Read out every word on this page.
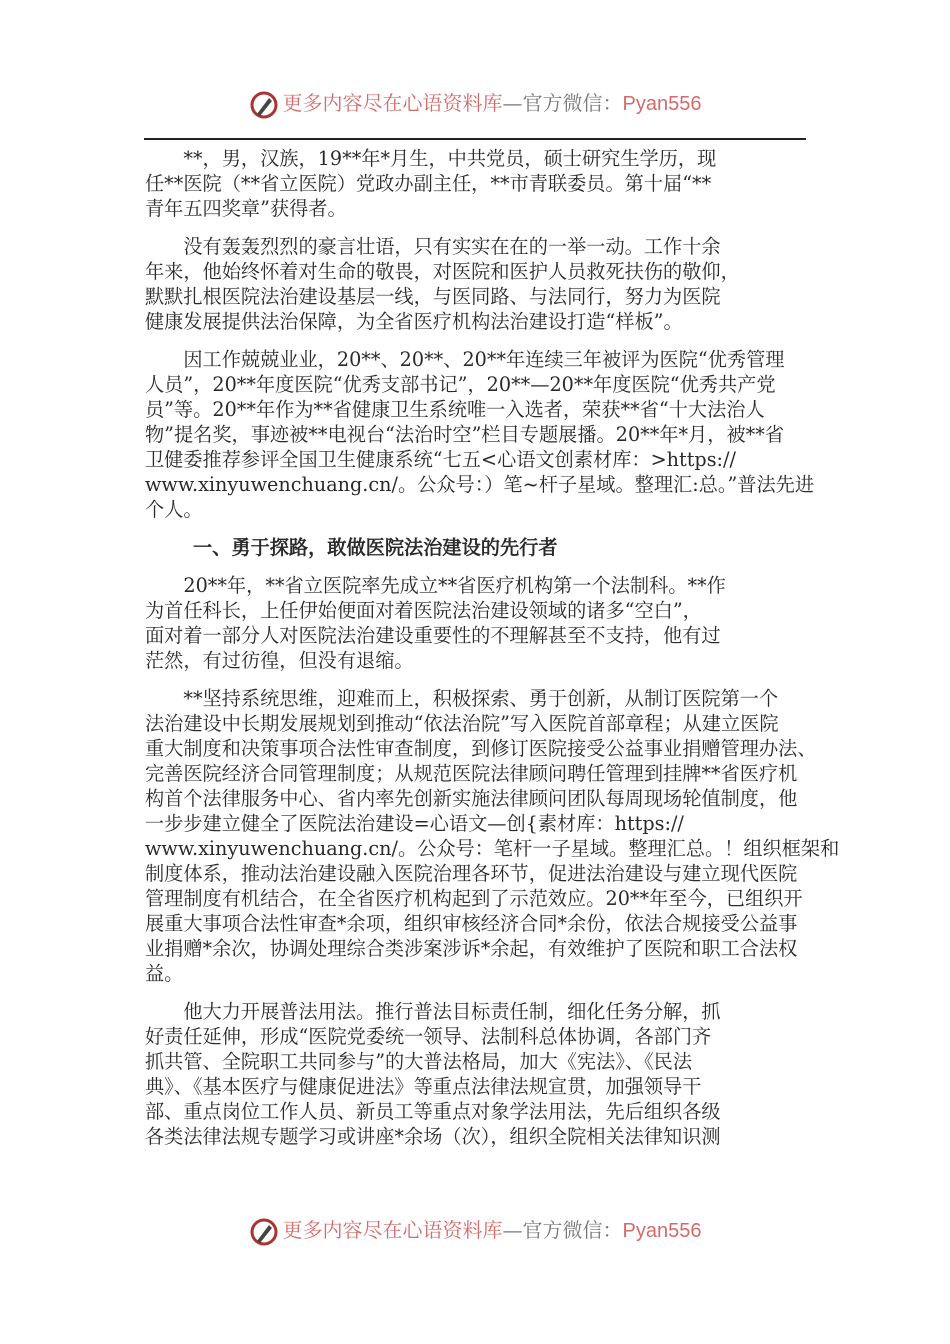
更多内容尽在心语资料库—官方微信：Pyan556
　　**，男，汉族，19**年*月生，中共党员，硕士研究生学历，现
任**医院（**省立医院）党政办副主任，**市青联委员。第十届“**
青年五四奖章”获得者。
　　没有轰轰烈烈的豪言壮语，只有实实在在的一举一动。工作十余
年来，他始终怀着对生命的敬畏，对医院和医护人员救死扶伤的敬仰，
默默扎根医院法治建设基层一线，与医同路、与法同行，努力为医院
健康发展提供法治保障，为全省医疗机构法治建设打造“样板”。
　　因工作兢兢业业，20**、20**、20**年连续三年被评为医院“优秀管理
人员”，20**年度医院“优秀支部书记”，20**—20**年度医院“优秀共产党
员”等。20**年作为**省健康卫生系统唯一入选者，荣获**省“十大法治人
物”提名奖，事迹被**电视台“法治时空”栏目专题展播。20**年*月，被**省
卫健委推荐参评全国卫生健康系统“七五<心语文创素材库：>https://
www.xinyuwenchuang.cn/。公众号：）笔~杆子星域。整理汇:总。”普法先进
个人。
一、勇于探路，敢做医院法治建设的先行者
　　20**年，**省立医院率先成立**省医疗机构第一个法制科。**作
为首任科长，上任伊始便面对着医院法治建设领域的诸多“空白”，
面对着一部分人对医院法治建设重要性的不理解甚至不支持，他有过
茫然，有过彷徨，但没有退缩。
　　**坚持系统思维，迎难而上，积极探索、勇于创新，从制订医院第一个
法治建设中长期发展规划到推动“依法治院”写入医院首部章程；从建立医院
重大制度和决策事项合法性审查制度，到修订医院接受公益事业捐赠管理办法、
完善医院经济合同管理制度；从规范医院法律顾问聘任管理到挂牌**省医疗机
构首个法律服务中心、省内率先创新实施法律顾问团队每周现场轮值制度，他
一步步建立健全了医院法治建设=心语文—创{素材库：https://
www.xinyuwenchuang.cn/。公众号：笔杆一子星域。整理汇总。！组织框架和
制度体系，推动法治建设融入医院治理各环节，促进法治建设与建立现代医院
管理制度有机结合，在全省医疗机构起到了示范效应。20**年至今，已组织开
展重大事项合法性审查*余项，组织审核经济合同*余份，依法合规接受公益事
业捐赠*余次，协调处理综合类涉案涉诉*余起，有效维护了医院和职工合法权
益。
　　他大力开展普法用法。推行普法目标责任制，细化任务分解，抓
好责任延伸，形成“医院党委统一领导、法制科总体协调，各部门齐
抓共管、全院职工共同参与”的大普法格局，加大《宪法》、《民法
典》、《基本医疗与健康促进法》等重点法律法规宣贯，加强领导干
部、重点岗位工作人员、新员工等重点对象学法用法，先后组织各级
各类法律法规专题学习或讲座*余场（次），组织全院相关法律知识测
更多内容尽在心语资料库—官方微信：Pyan556
